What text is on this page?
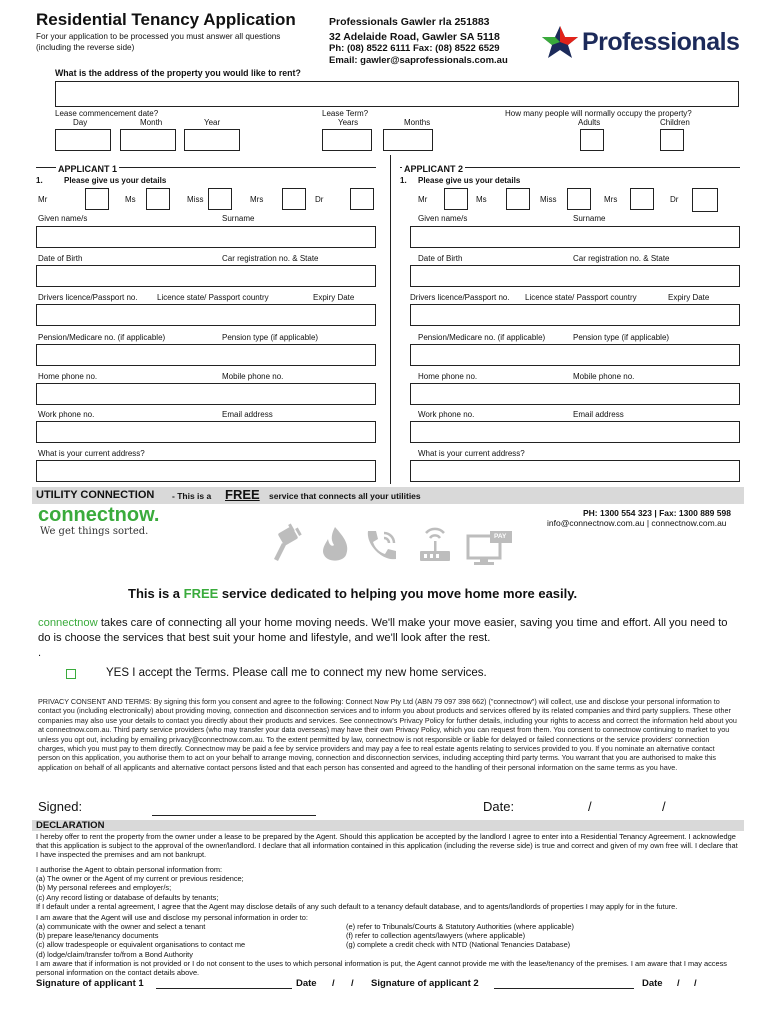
Residential Tenancy Application
For your application to be processed you must answer all questions
(including the reverse side)
Professionals Gawler rla 251883
32 Adelaide Road, Gawler SA 5118
Ph: (08) 8522 6111 Fax: (08) 8522 6529
Email: gawler@saprofessionals.com.au
Professionals
What is the address of the property you would like to rent?
Lease commencement date?
Day	Month	Year
Lease Term?
Years	Months
How many people will normally occupy the property?
Adults	Children
APPLICANT 1
1.	Please give us your details
Mr	Ms	Miss	Mrs	Dr
Given name/s	Surname
Date of Birth	Car registration no. & State
Drivers licence/Passport no. Licence state/ Passport country	Expiry Date
Pension/Medicare no. (if applicable)	Pension type (if applicable)
Home phone no.	Mobile phone no.
Work phone no.	Email address
What is your current address?
APPLICANT 2
1. Please give us your details
Mr	Ms	Miss	Mrs	Dr
Given name/s	Surname
Date of Birth	Car registration no. & State
Drivers licence/Passport no. Licence state/ Passport country	Expiry Date
Pension/Medicare no. (if applicable)	Pension type (if applicable)
Home phone no.	Mobile phone no.
Work phone no.	Email address
What is your current address?
UTILITY CONNECTION - This is a FREE service that connects all your utilities
connectnow.
We get things sorted.
PH: 1300 554 323 | Fax: 1300 889 598
info@connectnow.com.au | connectnow.com.au
PAY
This is a FREE service dedicated to helping you move home more easily.
connectnow takes care of connecting all your home moving needs. We'll make your move easier, saving you time and effort. All you need to do is choose the services that best suit your home and lifestyle, and we'll look after the rest.
.
YES I accept the Terms. Please call me to connect my new home services.
PRIVACY CONSENT AND TERMS: By signing this form you consent and agree to the following: Connect Now Pty Ltd (ABN 79 097 398 662) ("connectnow") will collect, use and disclose your personal information to contact you (including electronically) about providing moving, connection and disconnection services and to inform you about products and services offered by its related companies and third party suppliers. These other companies may also use your details to contact you directly about their products and services. See connectnow's Privacy Policy for further details, including your rights to access and correct the information held about you at connectnow.com.au. Third party service providers (who may transfer your data overseas) may have their own Privacy Policy, which you can request from them. You consent to connectnow continuing to market to you unless you opt out, including by emailing privacy@connectnow.com.au. To the extent permitted by law, connectnow is not responsible or liable for delayed or failed connections or the service providers' connection charges, which you must pay to them directly. Connectnow may be paid a fee by service providers and may pay a fee to real estate agents relating to services provided to you. If you nominate an alternative contact person on this application, you authorise them to act on your behalf to arrange moving, connection and disconnection services, including accepting third party terms. You warrant that you are authorised to make this application on behalf of all applicants and alternative contact persons listed and that each person has consented and agreed to the handling of their personal information on the same terms as you have.
Signed:	Date:	/	/
DECLARATION
I hereby offer to rent the property from the owner under a lease to be prepared by the Agent. Should this application be accepted by the landlord I agree to enter into a Residential Tenancy Agreement. I acknowledge that this application is subject to the approval of the owner/landlord. I declare that all information contained in this application (including the reverse side) is true and correct and given of my own free will. I declare that I have inspected the premises and am not bankrupt.
I authorise the Agent to obtain personal information from:
(a) The owner or the Agent of my current or previous residence;
(b) My personal referees and employer/s;
(c) Any record listing or database of defaults by tenants;
If I default under a rental agreement, I agree that the Agent may disclose details of any such default to a tenancy default database, and to agents/landlords of properties I may apply for in the future.
I am aware that the Agent will use and disclose my personal information in order to:
(a) communicate with the owner and select a tenant
(b) prepare lease/tenancy documents
(c) allow tradespeople or equivalent organisations to contact me
(d) lodge/claim/transfer to/from a Bond Authority
(e) refer to Tribunals/Courts & Statutory Authorities (where applicable)
(f) refer to collection agents/lawyers (where applicable)
(g) complete a credit check with NTD (National Tenancies Database)
I am aware that if information is not provided or I do not consent to the uses to which personal information is put, the Agent cannot provide me with the lease/tenancy of the premises. I am aware that I may access personal information on the contact details above.
Signature of applicant 1	Date / / Signature of applicant 2	Date / /
